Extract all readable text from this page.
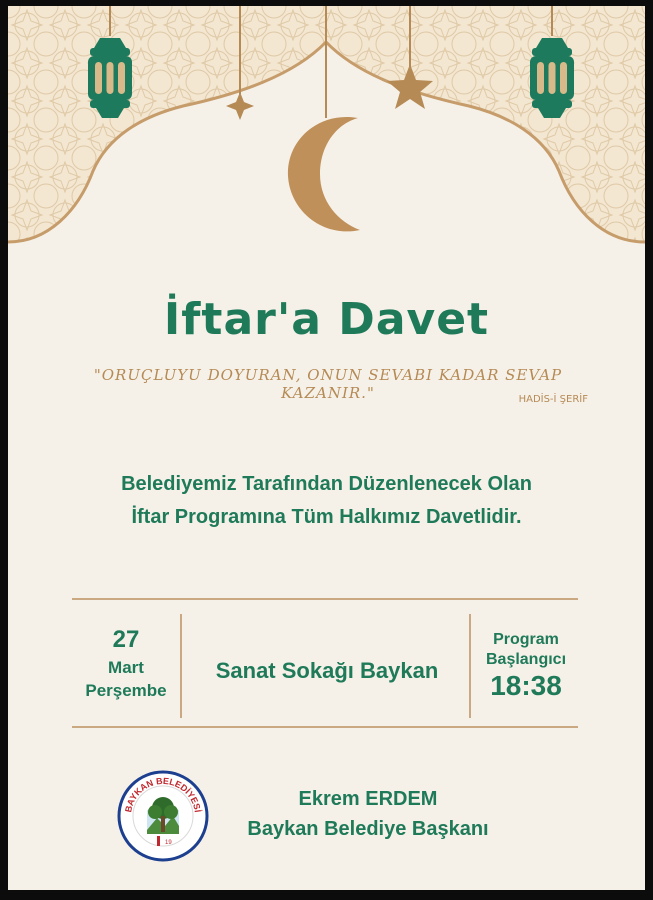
İftar'a Davet
"ORUÇLUYU DOYURAN, ONUN SEVABI KADAR SEVAP KAZANIR."	HADİS-İ ŞERİF
Belediyemiz Tarafından Düzenlenecek Olan
İftar Programına Tüm Halkımız Davetlidir.
27
Mart
Perşembe
Sanat Sokağı Baykan
Program
Başlangıcı
18:38
BAYKAN BELEDİYESİ
19
Ekrem ERDEM
Baykan Belediye Başkanı
